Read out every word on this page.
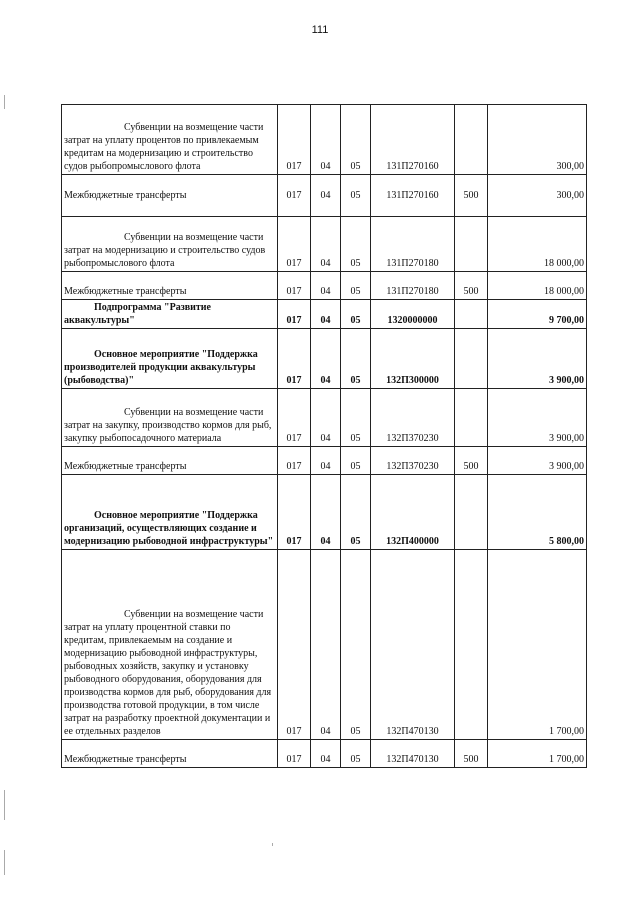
111
Субвенции на возмещение части затрат на уплату процентов по привлекаемым кредитам на модернизацию и строительство судов рыбопромыслового флота	017	04	05	131П270160		300,00
Межбюджетные трансферты	017	04	05	131П270160	500	300,00
Субвенции на возмещение части затрат на модернизацию и строительство судов рыбопромыслового флота	017	04	05	131П270180		18 000,00
Межбюджетные трансферты	017	04	05	131П270180	500	18 000,00
Подпрограмма "Развитие аквакультуры"	017	04	05	1320000000		9 700,00
Основное мероприятие "Поддержка производителей продукции аквакультуры (рыбоводства)"	017	04	05	132П300000		3 900,00
Субвенции на возмещение части затрат на закупку, производство кормов для рыб, закупку рыбопосадочного материала	017	04	05	132П370230		3 900,00
Межбюджетные трансферты	017	04	05	132П370230	500	3 900,00
Основное мероприятие "Поддержка организаций, осуществляющих создание и модернизацию рыбоводной инфраструктуры"	017	04	05	132П400000		5 800,00
Субвенции на возмещение части затрат на уплату процентной ставки по кредитам, привлекаемым на создание и модернизацию рыбоводной инфраструктуры, рыбоводных хозяйств, закупку и установку рыбоводного оборудования, оборудования для производства кормов для рыб, оборудования для производства готовой продукции, в том числе затрат на разработку проектной документации и ее отдельных разделов	017	04	05	132П470130		1 700,00
Межбюджетные трансферты	017	04	05	132П470130	500	1 700,00
